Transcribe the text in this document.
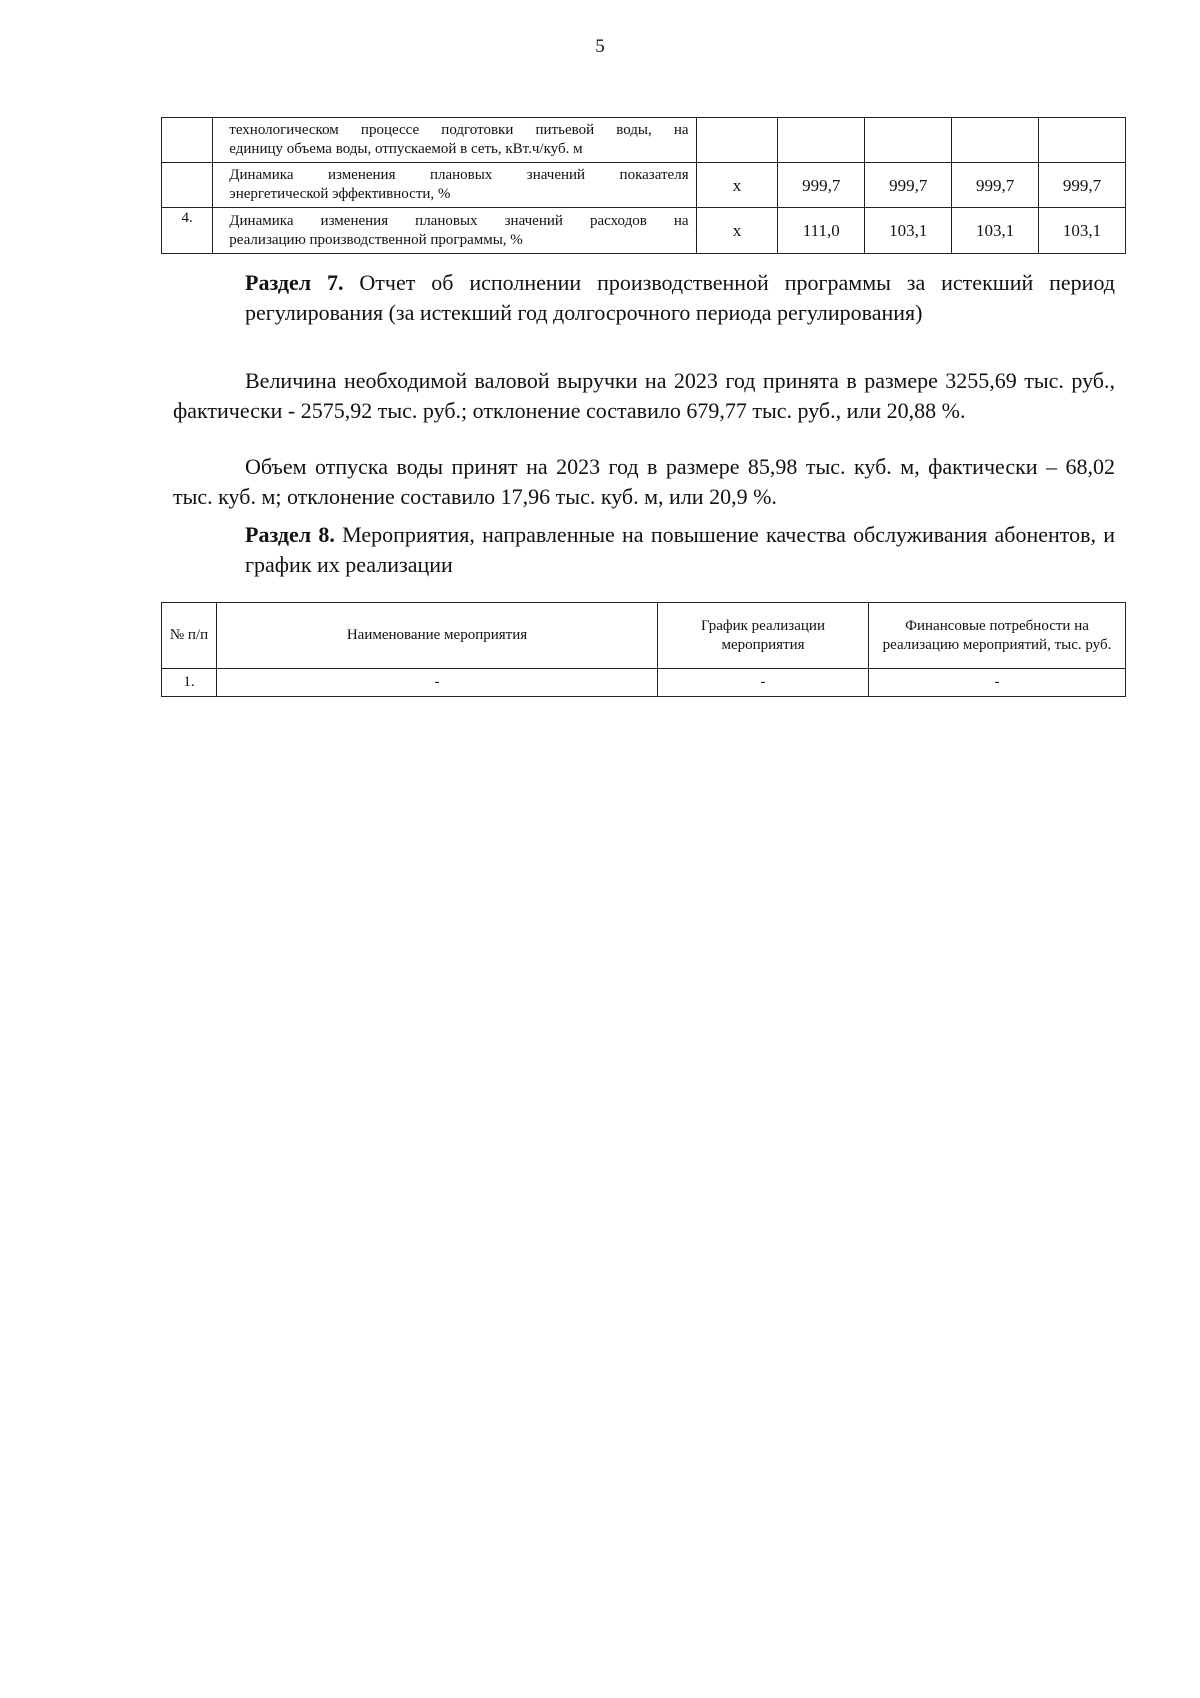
5
	технологическом процессе подготовки питьевой воды, на
единицу объема воды, отпускаемой в сеть, кВт.ч/куб. м					

	Динамика изменения плановых значений показателя
энергетической эффективности, %	х	999,7	999,7	999,7	999,7
4.	Динамика изменения плановых значений расходов на
реализацию производственной программы, %	х	111,0	103,1	103,1	103,1
Раздел 7. Отчет об исполнении производственной программы за истекший период регулирования (за истекший год долгосрочного периода регулирования)

Величина необходимой валовой выручки на 2023 год принята в размере 3255,69 тыс. руб., фактически - 2575,92 тыс. руб.; отклонение составило 679,77 тыс. руб., или 20,88 %.

Объем отпуска воды принят на 2023 год в размере 85,98 тыс. куб. м, фактически – 68,02 тыс. куб. м; отклонение составило 17,96 тыс. куб. м, или 20,9 %.

Раздел 8. Мероприятия, направленные на повышение качества обслуживания абонентов, и график их реализации
№ п/п	Наименование мероприятия	График реализации мероприятия	Финансовые потребности на реализацию мероприятий, тыс. руб.
1.	-	-	-
